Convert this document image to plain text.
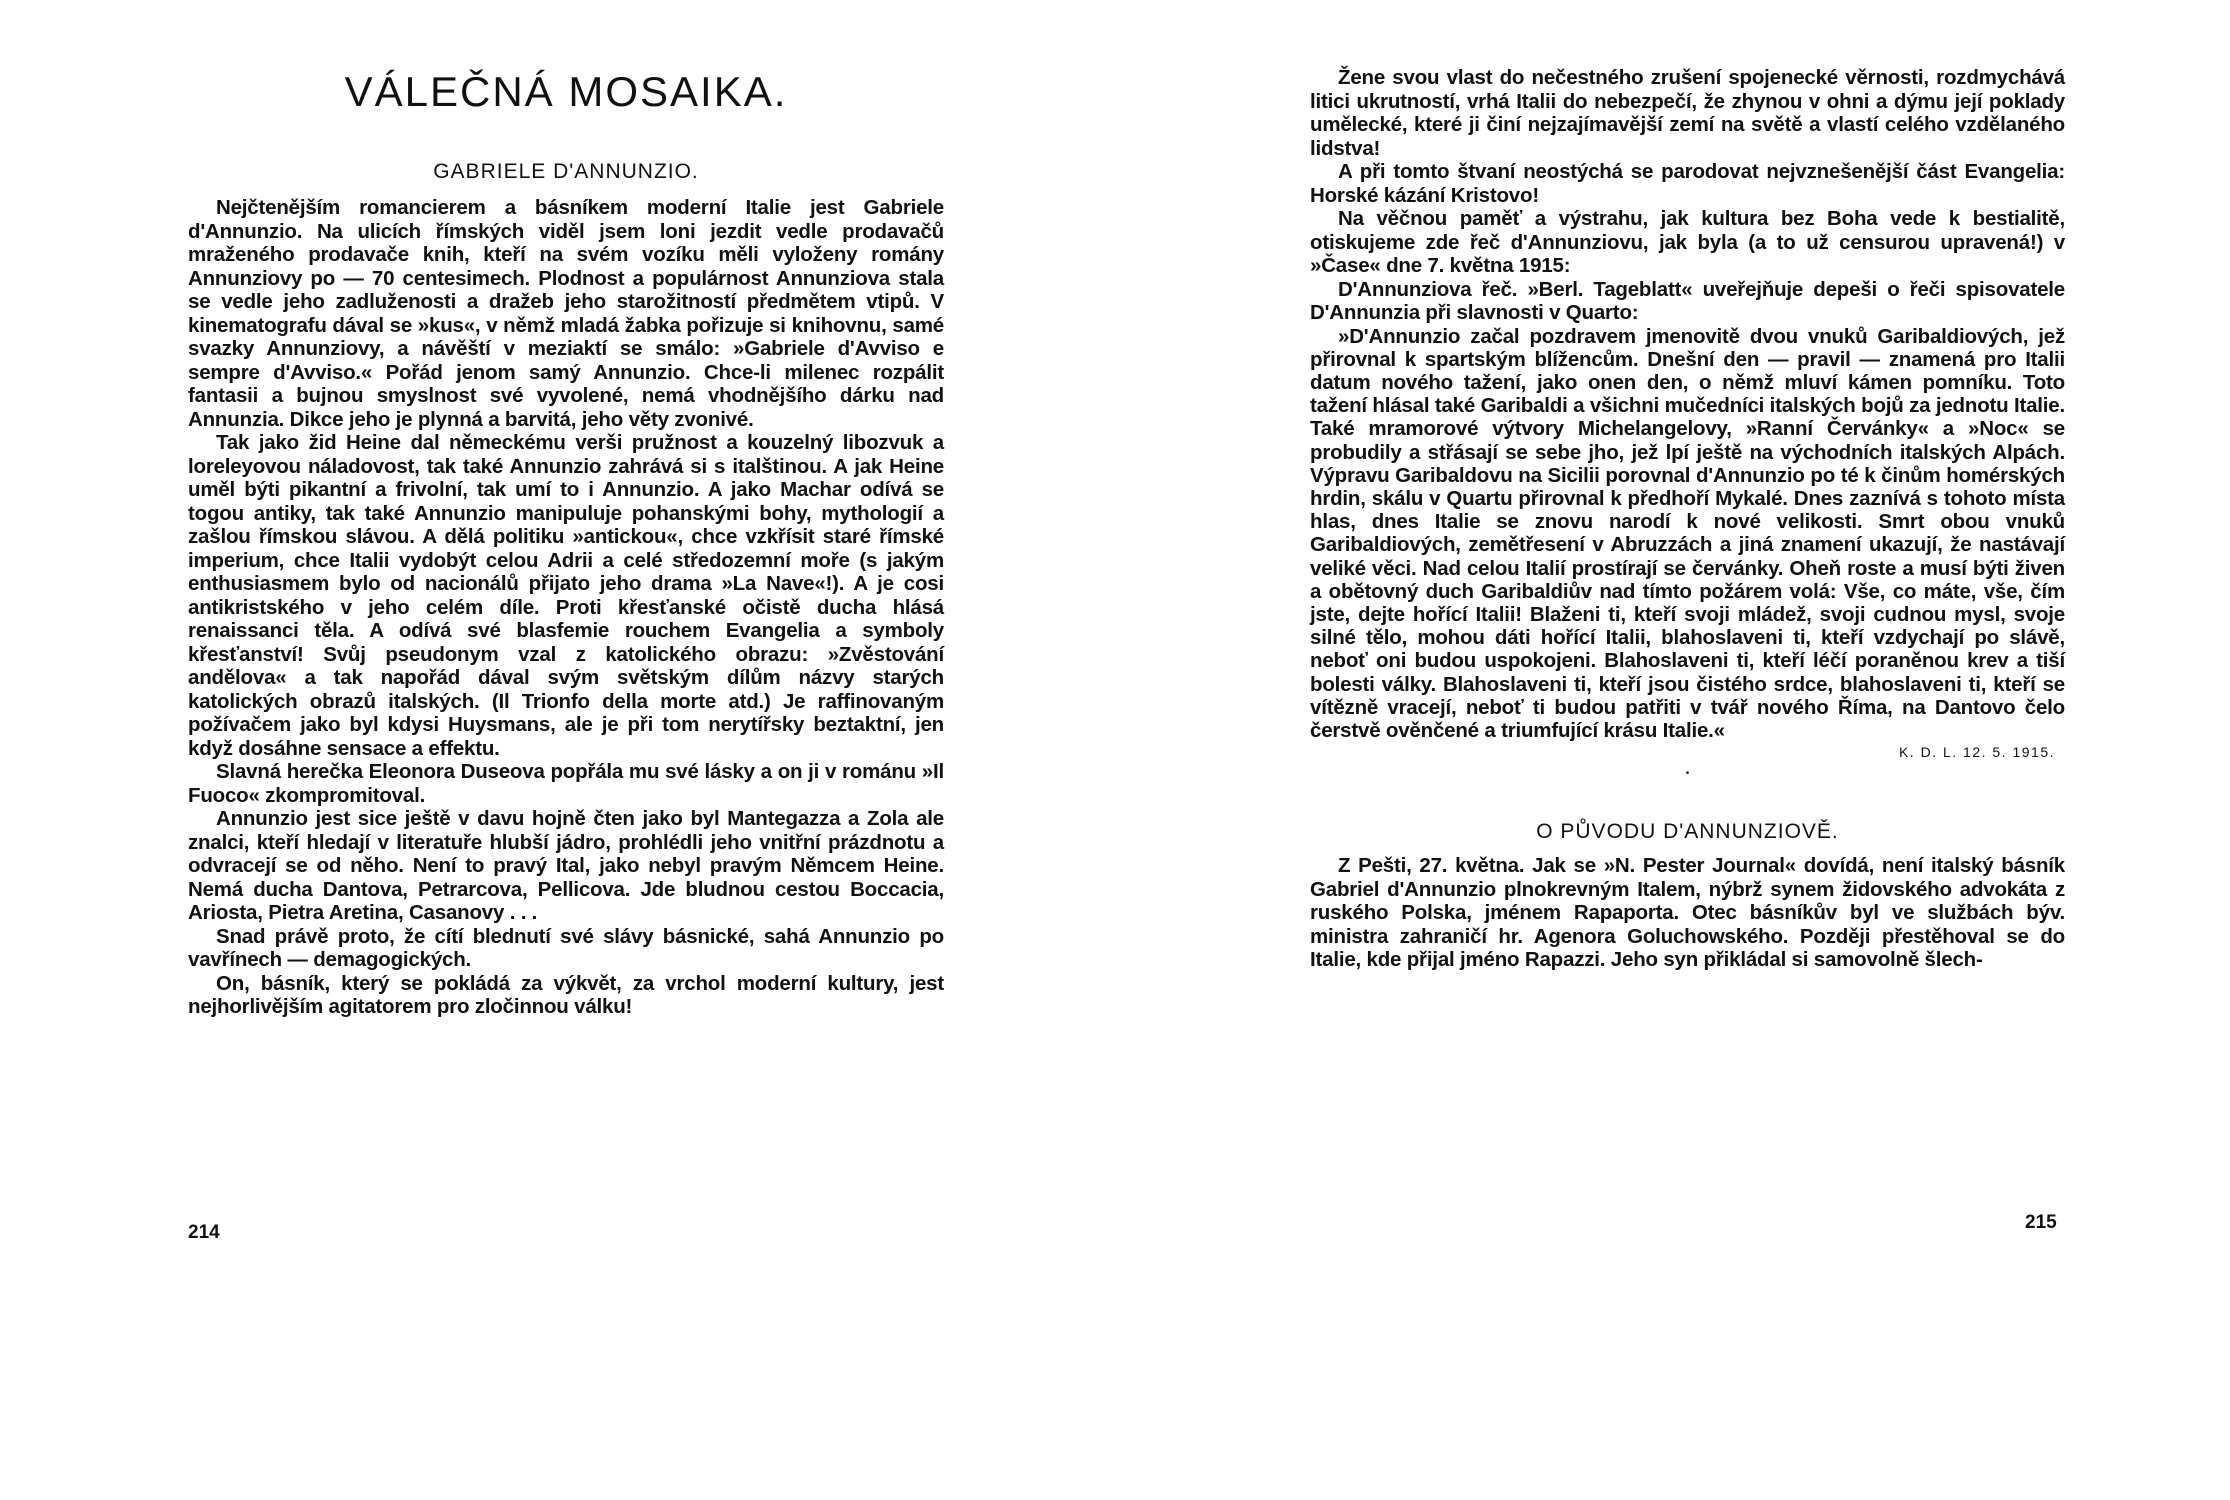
VÁLEČNÁ MOSAIKA.
GABRIELE D'ANNUNZIO.

Nejčtenějším romancierem a básníkem moderní Italie jest Gabriele d'Annunzio. Na ulicích římských viděl jsem loni jezdit vedle prodavačů mraženého prodavače knih, kteří na svém vozíku měli vyloženy romány Annunziovy po — 70 centesimech. Plodnost a populárnost Annunziova stala se vedle jeho zadluženosti a dražeb jeho starožitností předmětem vtipů. V kinematografu dával se »kus«, v němž mladá žabka pořizuje si knihovnu, samé svazky Annunziovy, a návěští v meziaktí se smálo: »Gabriele d'Avviso e sempre d'Avviso.« Pořád jenom samý Annunzio. Chce-li milenec rozpálit fantasii a bujnou smyslnost své vyvolené, nemá vhodnějšího dárku nad Annunzia. Dikce jeho je plynná a barvitá, jeho věty zvonivé.

Tak jako žid Heine dal německému verši pružnost a kouzelný libozvuk a loreleyovou náladovost, tak také Annunzio zahrává si s italštinou. A jak Heine uměl býti pikantní a frivolní, tak umí to i Annunzio. A jako Machar odívá se togou antiky, tak také Annunzio manipuluje pohanskými bohy, mythologií a zašlou římskou slávou. A dělá politiku »antickou«, chce vzkřísit staré římské imperium, chce Italii vydobýt celou Adrii a celé středozemní moře (s jakým enthusiasmem bylo od nacionálů přijato jeho drama »La Nave«!). A je cosi antikristského v jeho celém díle. Proti křesťanské očistě ducha hlásá renaissanci těla. A odívá své blasfemie rouchem Evangelia a symboly křesťanství! Svůj pseudonym vzal z katolického obrazu: »Zvěstování andělova« a tak napořád dával svým světským dílům názvy starých katolických obrazů italských. (Il Trionfo della morte atd.) Je raffinovaným požívačem jako byl kdysi Huysmans, ale je při tom nerytířsky beztaktní, jen když dosáhne sensace a effektu.

Slavná herečka Eleonora Duseova popřála mu své lásky a on ji v románu »Il Fuoco« zkompromitoval.

Annunzio jest sice ještě v davu hojně čten jako byl Mantegazza a Zola ale znalci, kteří hledají v literatuře hlubší jádro, prohlédli jeho vnitřní prázdnotu a odvracejí se od něho. Není to pravý Ital, jako nebyl pravým Němcem Heine. Nemá ducha Dantova, Petrarcova, Pellicova. Jde bludnou cestou Boccacia, Ariosta, Pietra Aretina, Casanovy . . .

Snad právě proto, že cítí blednutí své slávy básnické, sahá Annunzio po vavřínech — demagogických.

On, básník, který se pokládá za výkvět, za vrchol moderní kultury, jest nejhorlivějším agitatorem pro zločinnou válku!

214

Žene svou vlast do nečestného zrušení spojenecké věrnosti, rozdmychává litici ukrutností, vrhá Italii do nebezpečí, že zhynou v ohni a dýmu její poklady umělecké, které ji činí nejzajímavější zemí na světě a vlastí celého vzdělaného lidstva!

A při tomto štvaní neostýchá se parodovat nejvznešenější část Evangelia: Horské kázání Kristovo!

Na věčnou paměť a výstrahu, jak kultura bez Boha vede k bestialitě, otiskujeme zde řeč d'Annunziovu, jak byla (a to už censurou upravená!) v »Čase« dne 7. května 1915:

D'Annunziova řeč. »Berl. Tageblatt« uveřejňuje depeši o řeči spisovatele D'Annunzia při slavnosti v Quarto:

»D'Annunzio začal pozdravem jmenovitě dvou vnuků Garibaldiových, jež přirovnal k spartským blížencům. Dnešní den — pravil — znamená pro Italii datum nového tažení, jako onen den, o němž mluví kámen pomníku. Toto tažení hlásal také Garibaldi a všichni mučedníci italských bojů za jednotu Italie. Také mramorové výtvory Michelangelovy, »Ranní Červánky« a »Noc« se probudily a střásají se sebe jho, jež lpí ještě na východních italských Alpách. Výpravu Garibaldovu na Sicilii porovnal d'Annunzio po té k činům homérských hrdin, skálu v Quartu přirovnal k předhoří Mykalé. Dnes zaznívá s tohoto místa hlas, dnes Italie se znovu narodí k nové velikosti. Smrt obou vnuků Garibaldiových, zemětřesení v Abruzzách a jiná znamení ukazují, že nastávají veliké věci. Nad celou Italií prostírají se červánky. Oheň roste a musí býti živen a obětovný duch Garibaldiův nad tímto požárem volá: Vše, co máte, vše, čím jste, dejte hořící Italii! Blaženi ti, kteří svoji mládež, svoji cudnou mysl, svoje silné tělo, mohou dáti hořící Italii, blahoslaveni ti, kteří vzdychají po slávě, neboť oni budou uspokojeni. Blahoslaveni ti, kteří léčí poraněnou krev a tiší bolesti války. Blahoslaveni ti, kteří jsou čistého srdce, blahoslaveni ti, kteří se vítězně vracejí, neboť ti budou patřiti v tvář nového Říma, na Dantovo čelo čerstvě ověnčené a triumfující krásu Italie.«

K. D. L. 12. 5. 1915.
•
O PŮVODU D'ANNUNZIOVĚ.

Z Pešti, 27. května. Jak se »N. Pester Journal« dovídá, není italský básník Gabriel d'Annunzio plnokrevným Italem, nýbrž synem židovského advokáta z ruského Polska, jménem Rapaporta. Otec básníkův byl ve službách býv. ministra zahraničí hr. Agenora Goluchowského. Později přestěhoval se do Italie, kde přijal jméno Rapazzi. Jeho syn přikládal si samovolně šlech-

215
